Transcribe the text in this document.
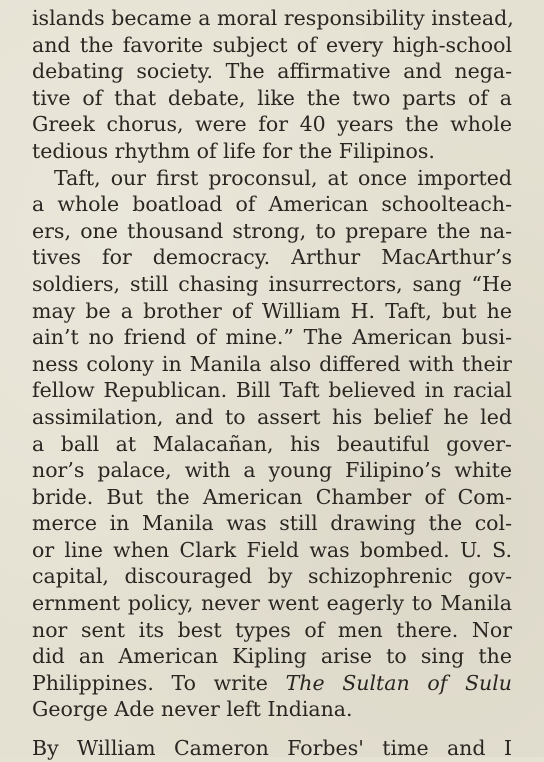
islands became a moral responsibility instead,
and the favorite subject of every high-school
debating society. The affirmative and nega-
tive of that debate, like the two parts of a
Greek chorus, were for 40 years the whole
tedious rhythm of life for the Filipinos.
Taft, our first proconsul, at once imported
a whole boatload of American schoolteach-
ers, one thousand strong, to prepare the na-
tives for democracy. Arthur MacArthur’s
soldiers, still chasing insurrectors, sang “He
may be a brother of William H. Taft, but he
ain’t no friend of mine.” The American busi-
ness colony in Manila also differed with their
fellow Republican. Bill Taft believed in racial
assimilation, and to assert his belief he led
a ball at Malacañan, his beautiful gover-
nor’s palace, with a young Filipino’s white
bride. But the American Chamber of Com-
merce in Manila was still drawing the col-
or line when Clark Field was bombed. U. S.
capital, discouraged by schizophrenic gov-
ernment policy, never went eagerly to Manila
nor sent its best types of men there. Nor
did an American Kipling arise to sing the
Philippines. To write The Sultan of Sulu
George Ade never left Indiana.
By William Cameron Forbes' time and I
